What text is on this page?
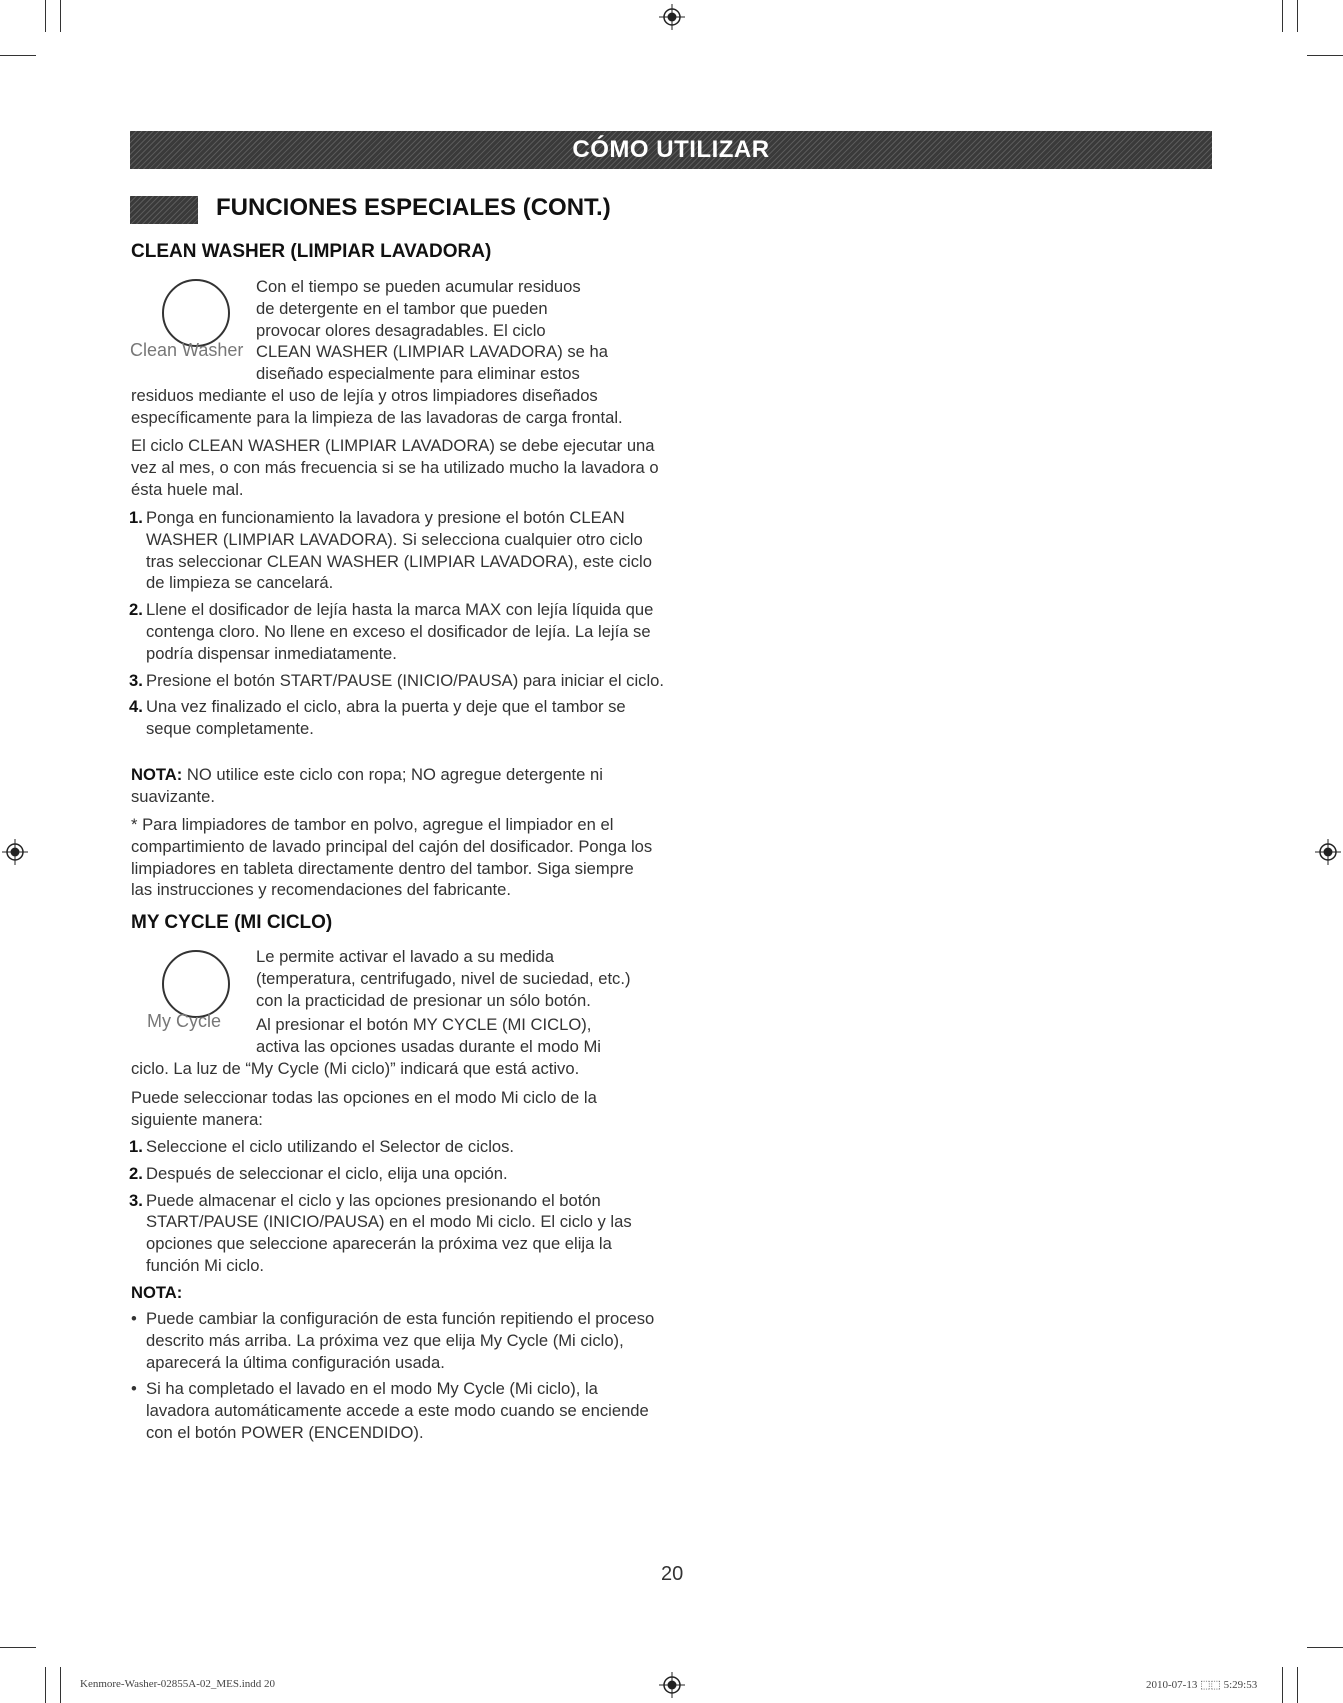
CÓMO UTILIZAR
FUNCIONES ESPECIALES (CONT.)
CLEAN WASHER (LIMPIAR LAVADORA)
Clean Washer
Con el tiempo se pueden acumular residuos
de detergente en el tambor que pueden
provocar olores desagradables. El ciclo
CLEAN WASHER (LIMPIAR LAVADORA) se ha
diseñado especialmente para eliminar estos

residuos mediante el uso de lejía y otros limpiadores diseñados específicamente para la limpieza de las lavadoras de carga frontal.

El ciclo CLEAN WASHER (LIMPIAR LAVADORA) se debe ejecutar una vez al mes, o con más frecuencia si se ha utilizado mucho la lavadora o ésta huele mal.

1. Ponga en funcionamiento la lavadora y presione el botón CLEAN WASHER (LIMPIAR LAVADORA). Si selecciona cualquier otro ciclo tras seleccionar CLEAN WASHER (LIMPIAR LAVADORA), este ciclo de limpieza se cancelará.
2. Llene el dosificador de lejía hasta la marca MAX con lejía líquida que contenga cloro. No llene en exceso el dosificador de lejía. La lejía se podría dispensar inmediatamente.
3. Presione el botón START/PAUSE (INICIO/PAUSA) para iniciar el ciclo.
4. Una vez finalizado el ciclo, abra la puerta y deje que el tambor se seque completamente.

NOTA: NO utilice este ciclo con ropa; NO agregue detergente ni suavizante.

* Para limpiadores de tambor en polvo, agregue el limpiador en el compartimiento de lavado principal del cajón del dosificador. Ponga los limpiadores en tableta directamente dentro del tambor. Siga siempre las instrucciones y recomendaciones del fabricante.

MY CYCLE (MI CICLO)
My Cycle
Le permite activar el lavado a su medida
(temperatura, centrifugado, nivel de suciedad, etc.)
con la practicidad de presionar un sólo botón.
Al presionar el botón MY CYCLE (MI CICLO),
activa las opciones usadas durante el modo Mi

ciclo. La luz de “My Cycle (Mi ciclo)” indicará que está activo.

Puede seleccionar todas las opciones en el modo Mi ciclo de la siguiente manera:

1. Seleccione el ciclo utilizando el Selector de ciclos.
2. Después de seleccionar el ciclo, elija una opción.
3. Puede almacenar el ciclo y las opciones presionando el botón START/PAUSE (INICIO/PAUSA) en el modo Mi ciclo. El ciclo y las opciones que seleccione aparecerán la próxima vez que elija la función Mi ciclo.
NOTA:
• Puede cambiar la configuración de esta función repitiendo el proceso descrito más arriba. La próxima vez que elija My Cycle (Mi ciclo), aparecerá la última configuración usada.
• Si ha completado el lavado en el modo My Cycle (Mi ciclo), la lavadora automáticamente accede a este modo cuando se enciende con el botón POWER (ENCENDIDO).
20
Kenmore-Washer-02855A-02_MES.indd 20	2010-07-13 ⬚⬚ 5:29:53
